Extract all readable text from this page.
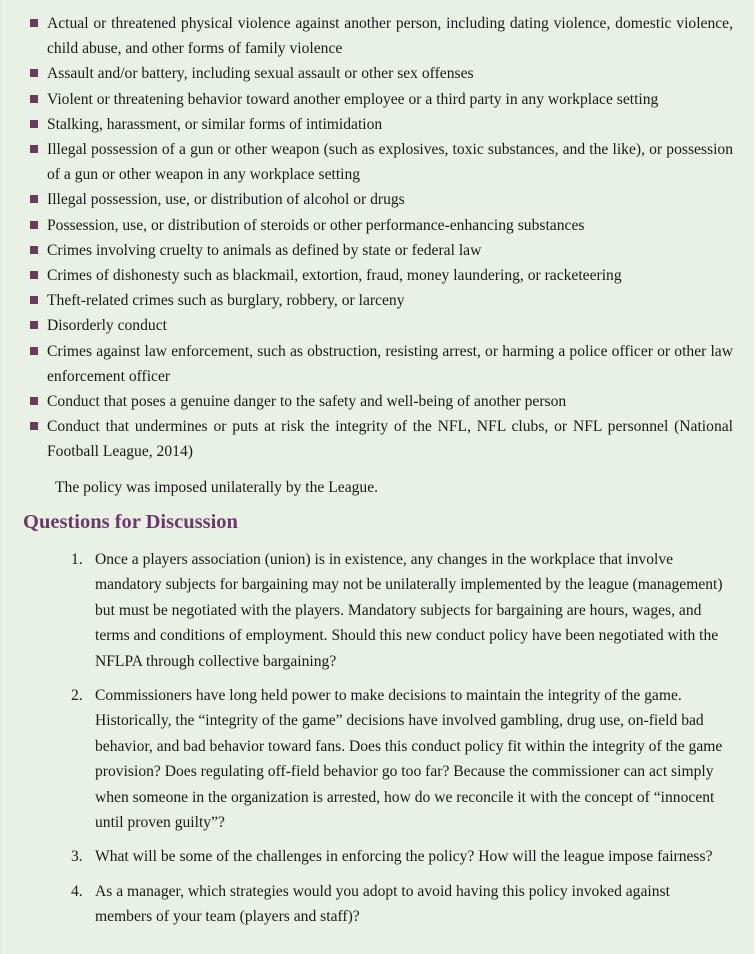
Actual or threatened physical violence against another person, including dating violence, domestic violence, child abuse, and other forms of family violence
Assault and/or battery, including sexual assault or other sex offenses
Violent or threatening behavior toward another employee or a third party in any workplace setting
Stalking, harassment, or similar forms of intimidation
Illegal possession of a gun or other weapon (such as explosives, toxic substances, and the like), or possession of a gun or other weapon in any workplace setting
Illegal possession, use, or distribution of alcohol or drugs
Possession, use, or distribution of steroids or other performance-enhancing substances
Crimes involving cruelty to animals as defined by state or federal law
Crimes of dishonesty such as blackmail, extortion, fraud, money laundering, or racketeering
Theft-related crimes such as burglary, robbery, or larceny
Disorderly conduct
Crimes against law enforcement, such as obstruction, resisting arrest, or harming a police officer or other law enforcement officer
Conduct that poses a genuine danger to the safety and well-being of another person
Conduct that undermines or puts at risk the integrity of the NFL, NFL clubs, or NFL personnel (National Football League, 2014)

The policy was imposed unilaterally by the League.

Questions for Discussion
1. Once a players association (union) is in existence, any changes in the workplace that involve mandatory subjects for bargaining may not be unilaterally implemented by the league (management) but must be negotiated with the players. Mandatory subjects for bargaining are hours, wages, and terms and conditions of employment. Should this new conduct policy have been negotiated with the NFLPA through collective bargaining?
2. Commissioners have long held power to make decisions to maintain the integrity of the game. Historically, the “integrity of the game” decisions have involved gambling, drug use, on-field bad behavior, and bad behavior toward fans. Does this conduct policy fit within the integrity of the game provision? Does regulating off-field behavior go too far? Because the commissioner can act simply when someone in the organization is arrested, how do we reconcile it with the concept of “innocent until proven guilty”?
3. What will be some of the challenges in enforcing the policy? How will the league impose fairness?
4. As a manager, which strategies would you adopt to avoid having this policy invoked against members of your team (players and staff)?
